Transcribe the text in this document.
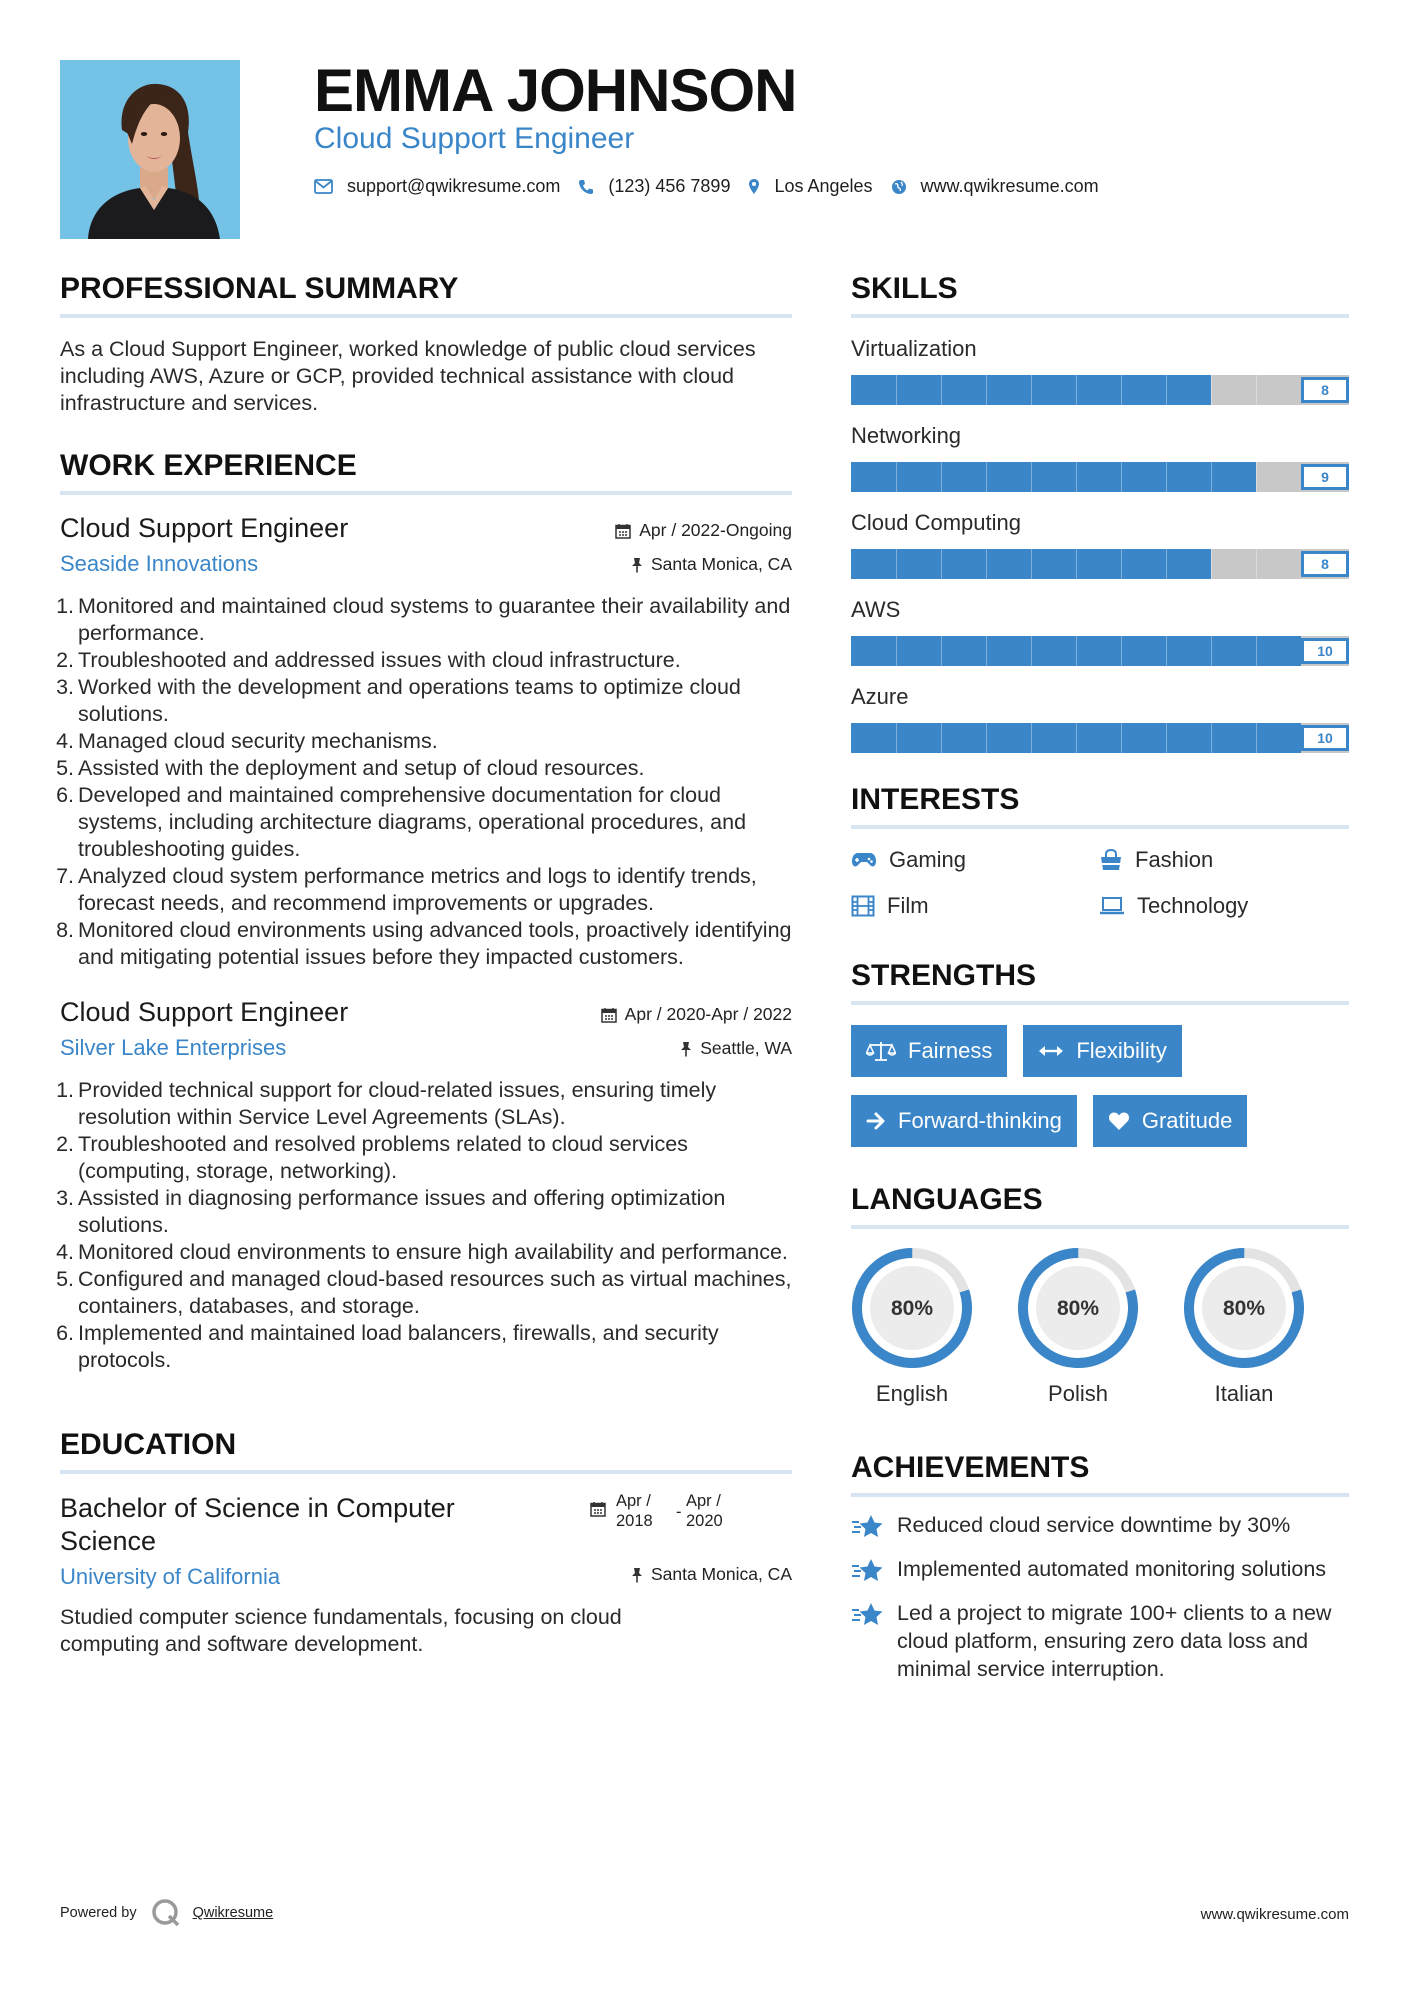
EMMA JOHNSON
Cloud Support Engineer
support@qwikresume.com	(123) 456 7899 Los Angeles	www.qwikresume.com
PROFESSIONAL SUMMARY
As a Cloud Support Engineer, worked knowledge of public cloud services including AWS, Azure or GCP, provided technical assistance with cloud infrastructure and services.
WORK EXPERIENCE
Cloud Support Engineer
Seaside Innovations
Apr / 2022-Ongoing
Santa Monica, CA
1. Monitored and maintained cloud systems to guarantee their availability and performance.
2. Troubleshooted and addressed issues with cloud infrastructure.
3. Worked with the development and operations teams to optimize cloud solutions.
4. Managed cloud security mechanisms.
5. Assisted with the deployment and setup of cloud resources.
6. Developed and maintained comprehensive documentation for cloud systems, including architecture diagrams, operational procedures, and troubleshooting guides.
7. Analyzed cloud system performance metrics and logs to identify trends, forecast needs, and recommend improvements or upgrades.
8. Monitored cloud environments using advanced tools, proactively identifying and mitigating potential issues before they impacted customers.
Cloud Support Engineer
Silver Lake Enterprises
Apr / 2020-Apr / 2022
Seattle, WA
1. Provided technical support for cloud-related issues, ensuring timely resolution within Service Level Agreements (SLAs).
2. Troubleshooted and resolved problems related to cloud services (computing, storage, networking).
3. Assisted in diagnosing performance issues and offering optimization solutions.
4. Monitored cloud environments to ensure high availability and performance.
5. Configured and managed cloud-based resources such as virtual machines, containers, databases, and storage.
6. Implemented and maintained load balancers, firewalls, and security protocols.
EDUCATION
Bachelor of Science in Computer Science
University of California
Apr / 2018	-
Apr / 2020
Santa Monica, CA
Studied computer science fundamentals, focusing on cloud computing and software development.
SKILLS
Virtualization
8
Networking
9
Cloud Computing
8
AWS
10
Azure
10
INTERESTS
Gaming	Fashion
Film	Technology
STRENGTHS
Fairness	Flexibility
Forward-thinking	Gratitude
LANGUAGES
80%
English
80%
Polish
80%
Italian
ACHIEVEMENTS
Reduced cloud service downtime by 30%
Implemented automated monitoring solutions
Led a project to migrate 100+ clients to a new cloud platform, ensuring zero data loss and minimal service interruption.
Powered by	Qwikresume	www.qwikresume.com
